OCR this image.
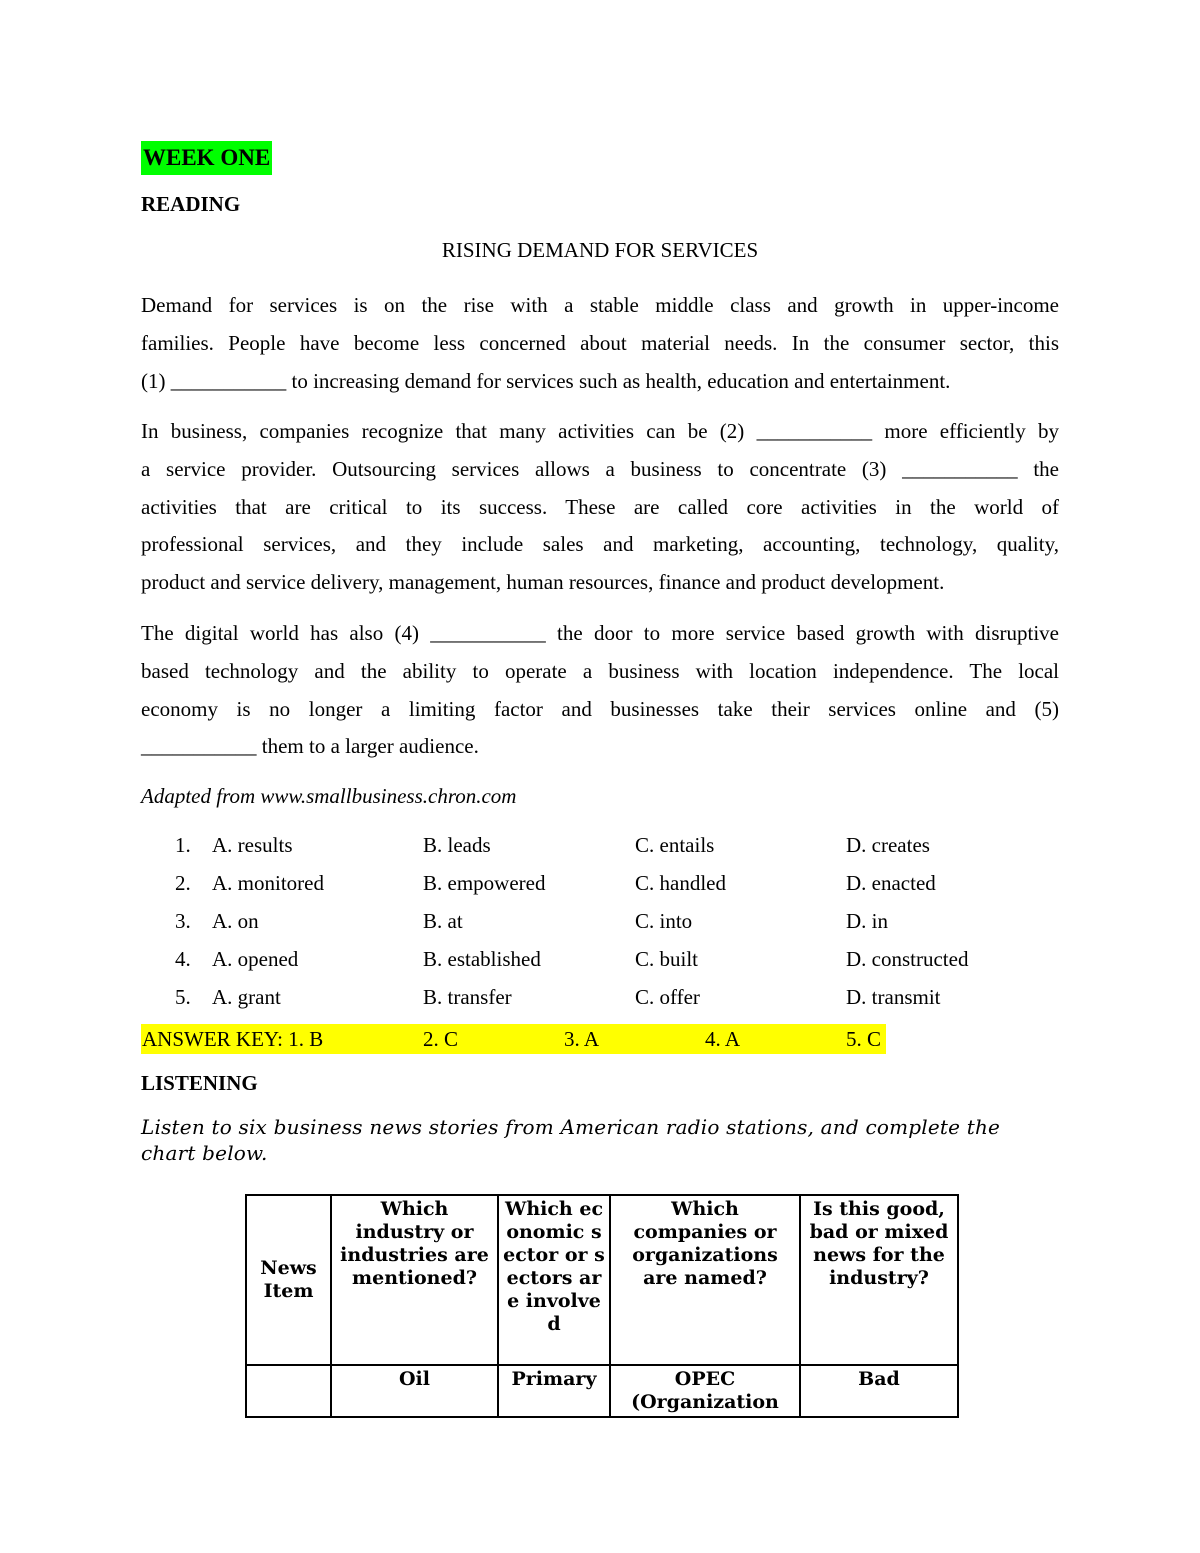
WEEK ONE
READING
RISING DEMAND FOR SERVICES
Demand for services is on the rise with a stable middle class and growth in upper-income
families. People have become less concerned about material needs. In the consumer sector, this
(1) ___________ to increasing demand for services such as health, education and entertainment.
In business, companies recognize that many activities can be (2) ___________ more efficiently by
a service provider. Outsourcing services allows a business to concentrate (3) ___________ the
activities that are critical to its success. These are called core activities in the world of
professional services, and they include sales and marketing, accounting, technology, quality,
product and service delivery, management, human resources, finance and product development.
The digital world has also (4) ___________ the door to more service based growth with disruptive
based technology and the ability to operate a business with location independence. The local
economy is no longer a limiting factor and businesses take their services online and (5)
___________ them to a larger audience.
Adapted from www.smallbusiness.chron.com
1. A. results	B. leads	C. entails	D. creates
2. A. monitored	B. empowered	C. handled	D. enacted
3. A. on	B. at	C. into	D. in
4. A. opened	B. established	C. built	D. constructed
5. A. grant	B. transfer	C. offer	D. transmit
ANSWER KEY: 1. B	2. C	3. A	4. A	5. C
LISTENING
Listen to six business news stories from American radio stations, and complete the chart below.
News Item	Which industry or industries are mentioned?	Which economic sector or sectors are involved	Which companies or organizations are named?	Is this good, bad or mixed news for the industry?
	Oil	Primary	OPEC (Organization	Bad
